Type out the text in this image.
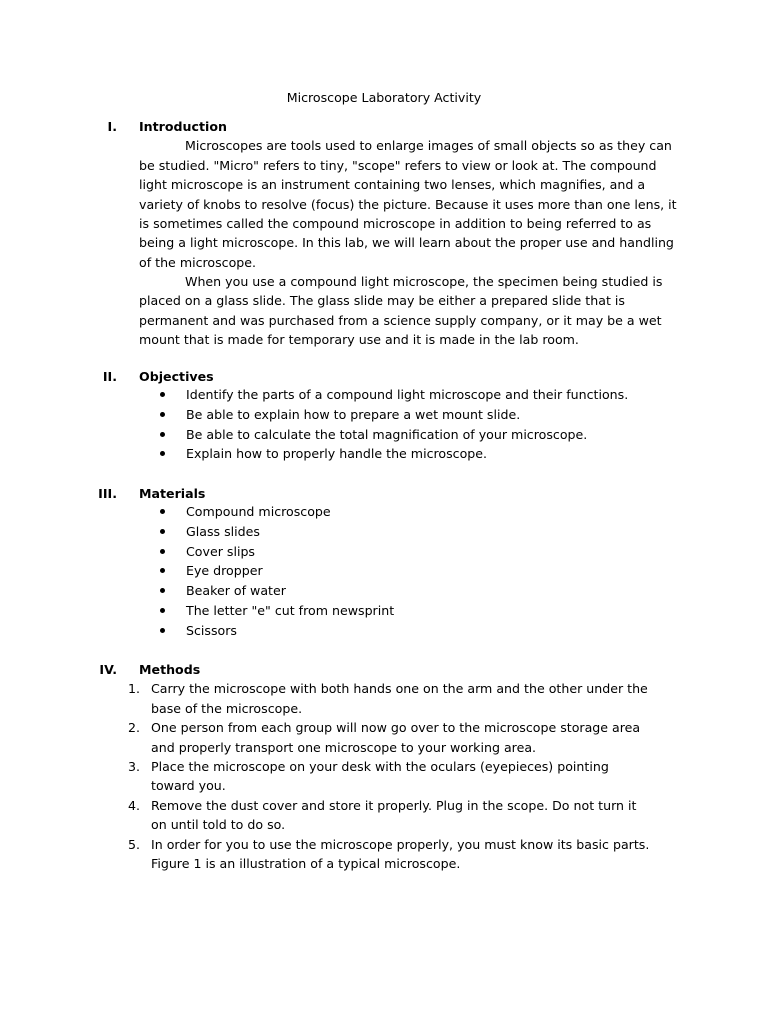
Microscope Laboratory Activity
I. Introduction

Microscopes are tools used to enlarge images of small objects so as they can be studied. "Micro" refers to tiny, "scope" refers to view or look at. The compound light microscope is an instrument containing two lenses, which magnifies, and a variety of knobs to resolve (focus) the picture. Because it uses more than one lens, it is sometimes called the compound microscope in addition to being referred to as being a light microscope. In this lab, we will learn about the proper use and handling of the microscope.

When you use a compound light microscope, the specimen being studied is placed on a glass slide. The glass slide may be either a prepared slide that is permanent and was purchased from a science supply company, or it may be a wet mount that is made for temporary use and it is made in the lab room.

II. Objectives
Identify the parts of a compound light microscope and their functions.
Be able to explain how to prepare a wet mount slide.
Be able to calculate the total magnification of your microscope.
Explain how to properly handle the microscope.
III. Materials
Compound microscope
Glass slides
Cover slips
Eye dropper
Beaker of water
The letter "e" cut from newsprint
Scissors
IV. Methods
1. Carry the microscope with both hands one on the arm and the other under the base of the microscope.
2. One person from each group will now go over to the microscope storage area and properly transport one microscope to your working area.
3. Place the microscope on your desk with the oculars (eyepieces) pointing toward you.
4. Remove the dust cover and store it properly. Plug in the scope. Do not turn it on until told to do so.
5. In order for you to use the microscope properly, you must know its basic parts. Figure 1 is an illustration of a typical microscope.
